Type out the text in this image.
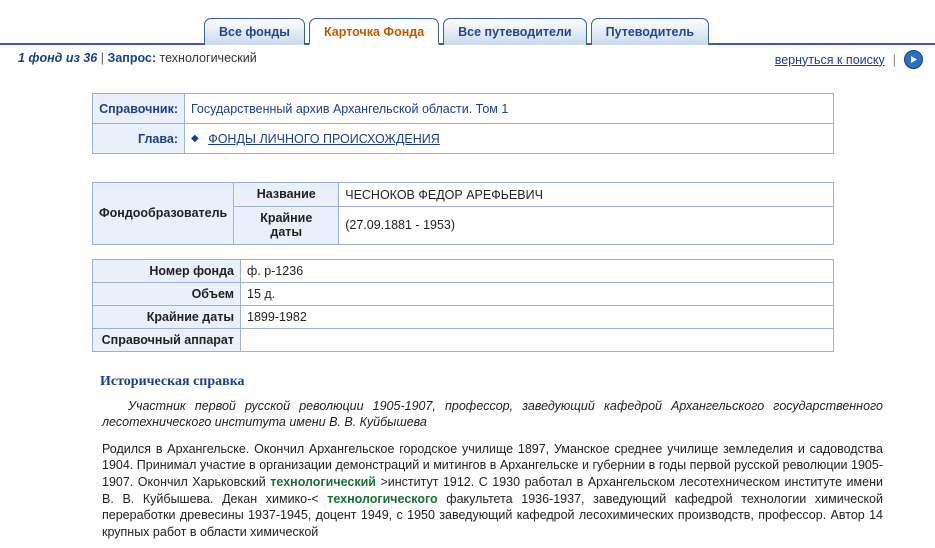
Все фонды	Карточка Фонда	Все путеводители	Путеводитель
1 фонд из 36 | Запрос: технологический	вернуться к поиску |
Справочник:	Государственный архив Архангельской области. Том 1
Глава:	◆ ФОНДЫ ЛИЧНОГО ПРОИСХОЖДЕНИЯ
Фондообразователь	Название	ЧЕСНОКОВ ФЕДОР АРЕФЬЕВИЧ
	Крайние
даты	(27.09.1881 - 1953)
Номер фонда	ф. р-1236
Объем	15 д.
Крайние даты	1899-1982
Справочный аппарат	
Историческая справка

Участник первой русской революции 1905-1907, профессор, заведующий кафедрой Архангельского государственного лесотехнического института имени В. В. Куйбышева

Родился в Архангельске. Окончил Архангельское городское училище 1897, Уманское среднее училище земледелия и садоводства 1904. Принимал участие в организации демонстраций и митингов в Архангельске и губернии в годы первой русской революции 1905-1907. Окончил Харьковский технологический >институт 1912. С 1930 работал в Архангельском лесотехническом институте имени В. В. Куйбышева. Декан химико-< технологического факультета 1936-1937, заведующий кафедрой технологии химической переработки древесины 1937-1945, доцент 1949, с 1950 заведующий кафедрой лесохимических производств, профессор. Автор 14 крупных работ в области химической
